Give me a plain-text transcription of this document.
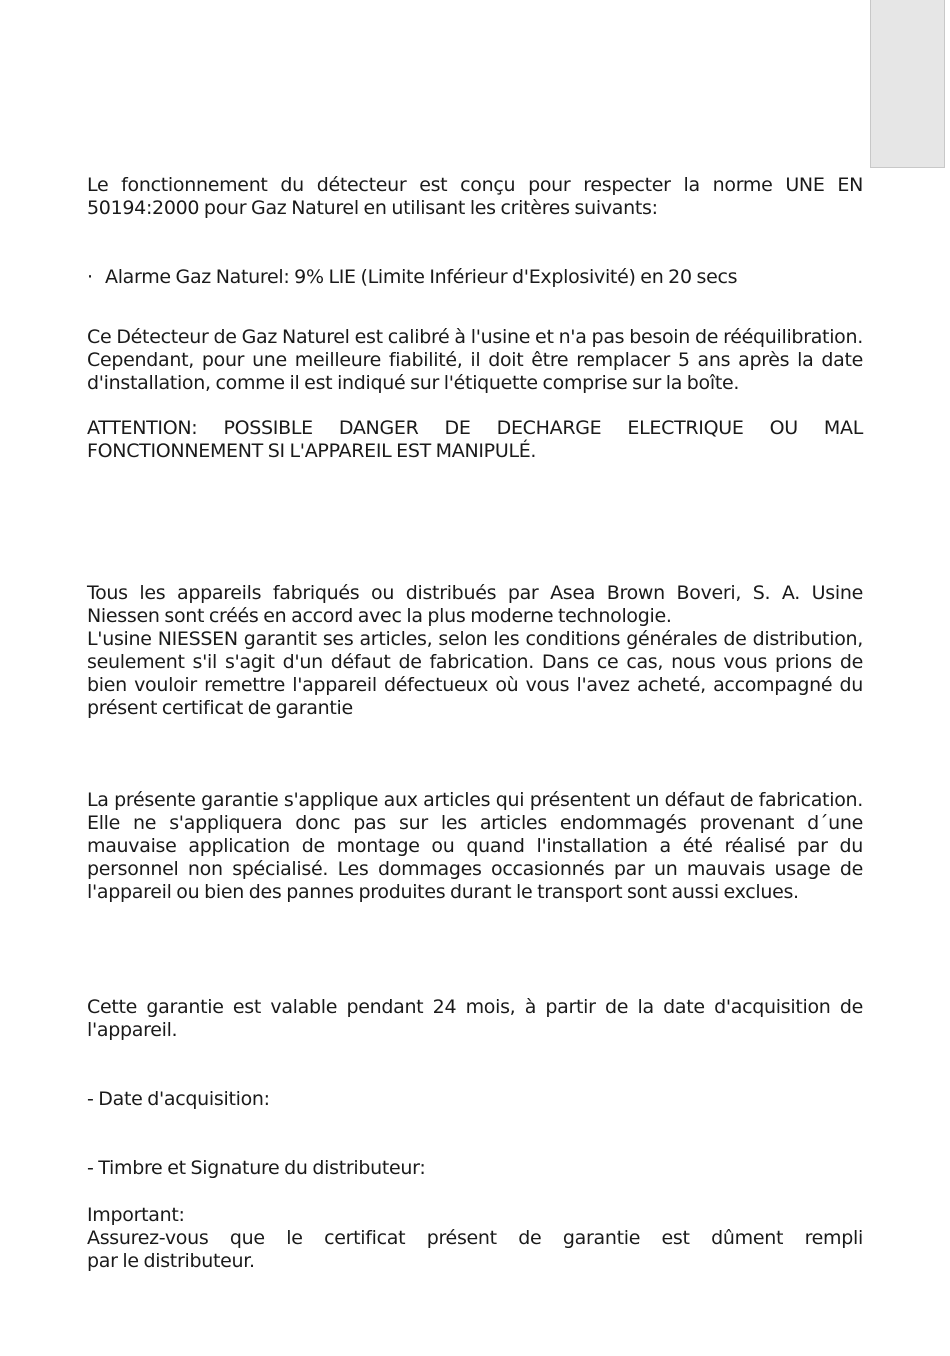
Le fonctionnement du détecteur est conçu pour respecter la norme UNE EN
50194:2000 pour Gaz Naturel en utilisant les critères suivants:
· Alarme Gaz Naturel: 9% LIE (Limite Inférieur d'Explosivité) en 20 secs
Ce Détecteur de Gaz Naturel est calibré à l'usine et n'a pas besoin de rééquilibration.
Cependant, pour une meilleure fiabilité, il doit être remplacer 5 ans après la date
d'installation, comme il est indiqué sur l'étiquette comprise sur la boîte.
ATTENTION: POSSIBLE DANGER DE DECHARGE ELECTRIQUE OU MAL
FONCTIONNEMENT SI L'APPAREIL EST MANIPULÉ.
Tous les appareils fabriqués ou distribués par Asea Brown Boveri, S. A. Usine
Niessen sont créés en accord avec la plus moderne technologie.
L'usine NIESSEN garantit ses articles, selon les conditions générales de distribution,
seulement s'il s'agit d'un défaut de fabrication. Dans ce cas, nous vous prions de
bien vouloir remettre l'appareil défectueux où vous l'avez acheté, accompagné du
présent certificat de garantie
La présente garantie s'applique aux articles qui présentent un défaut de fabrication.
Elle ne s'appliquera donc pas sur les articles endommagés provenant d´une
mauvaise application de montage ou quand l'installation a été réalisé par du
personnel non spécialisé. Les dommages occasionnés par un mauvais usage de
l'appareil ou bien des pannes produites durant le transport sont aussi exclues.
Cette garantie est valable pendant 24 mois, à partir de la date d'acquisition de
l'appareil.
- Date d'acquisition:
- Timbre et Signature du distributeur:
Important:
Assurez-vous que le certificat présent de garantie est dûment rempli
par le distributeur.
